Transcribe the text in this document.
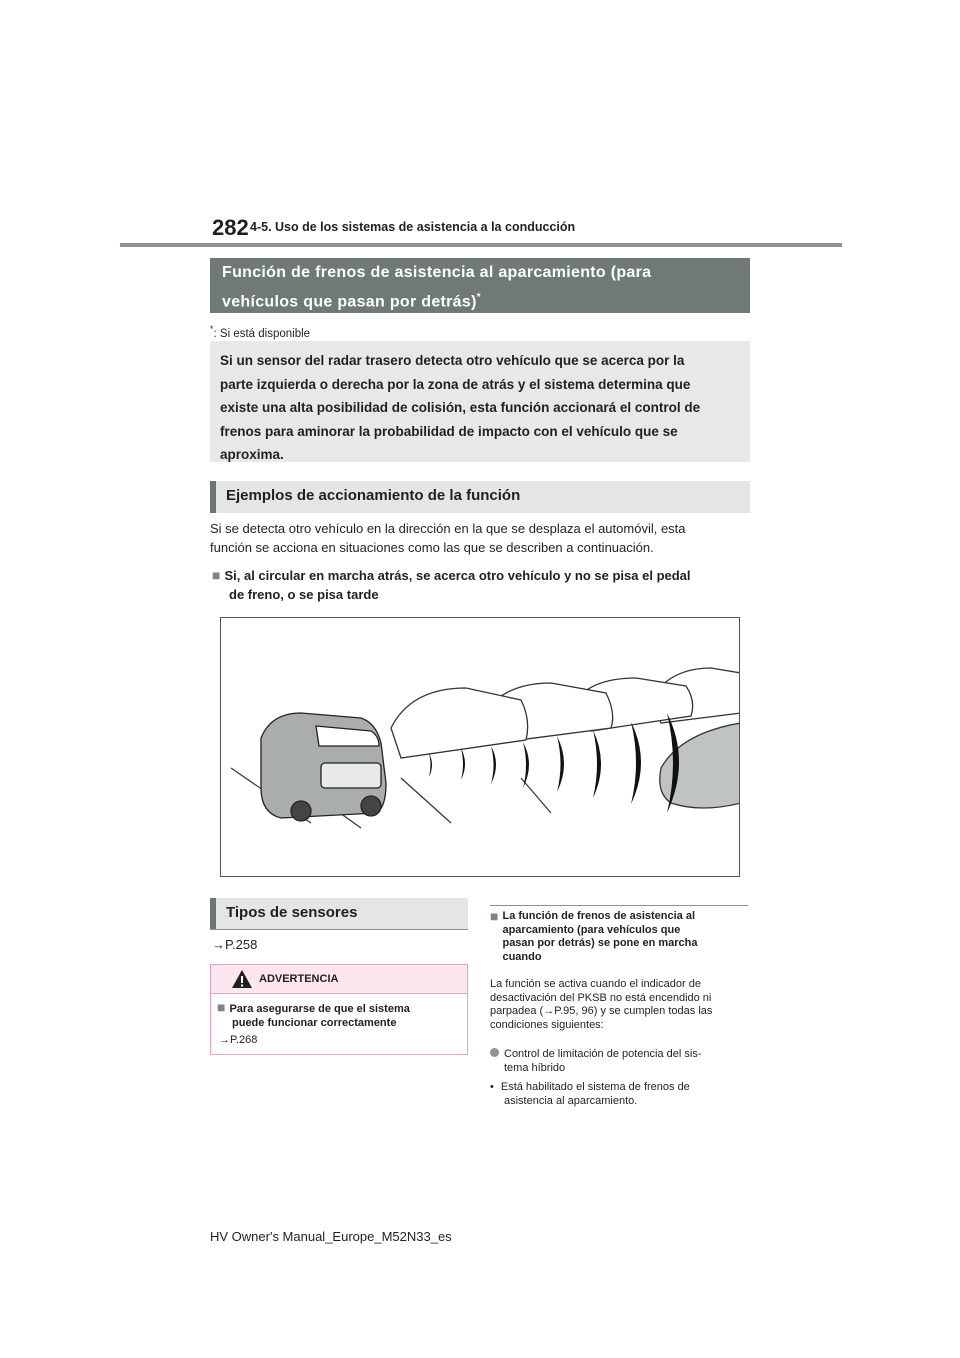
282 4-5. Uso de los sistemas de asistencia a la conducción
Función de frenos de asistencia al aparcamiento (para
vehículos que pasan por detrás)*
*: Si está disponible
Si un sensor del radar trasero detecta otro vehículo que se acerca por la
parte izquierda o derecha por la zona de atrás y el sistema determina que
existe una alta posibilidad de colisión, esta función accionará el control de
frenos para aminorar la probabilidad de impacto con el vehículo que se
aproxima.
Ejemplos de accionamiento de la función
Si se detecta otro vehículo en la dirección en la que se desplaza el automóvil, esta
función se acciona en situaciones como las que se describen a continuación.
■ Si, al circular en marcha atrás, se acerca otro vehículo y no se pisa el pedal
de freno, o se pisa tarde
Tipos de sensores
→P.258
ADVERTENCIA
■ Para asegurarse de que el sistema
puede funcionar correctamente
→P.268
■ La función de frenos de asistencia al
aparcamiento (para vehículos que
pasan por detrás) se pone en marcha
cuando
La función se activa cuando el indicador de
desactivación del PKSB no está encendido ni
parpadea (→P.95, 96) y se cumplen todas las
condiciones siguientes:
Control de limitación de potencia del sis-
tema híbrido
• Está habilitado el sistema de frenos de
asistencia al aparcamiento.
HV Owner's Manual_Europe_M52N33_es
